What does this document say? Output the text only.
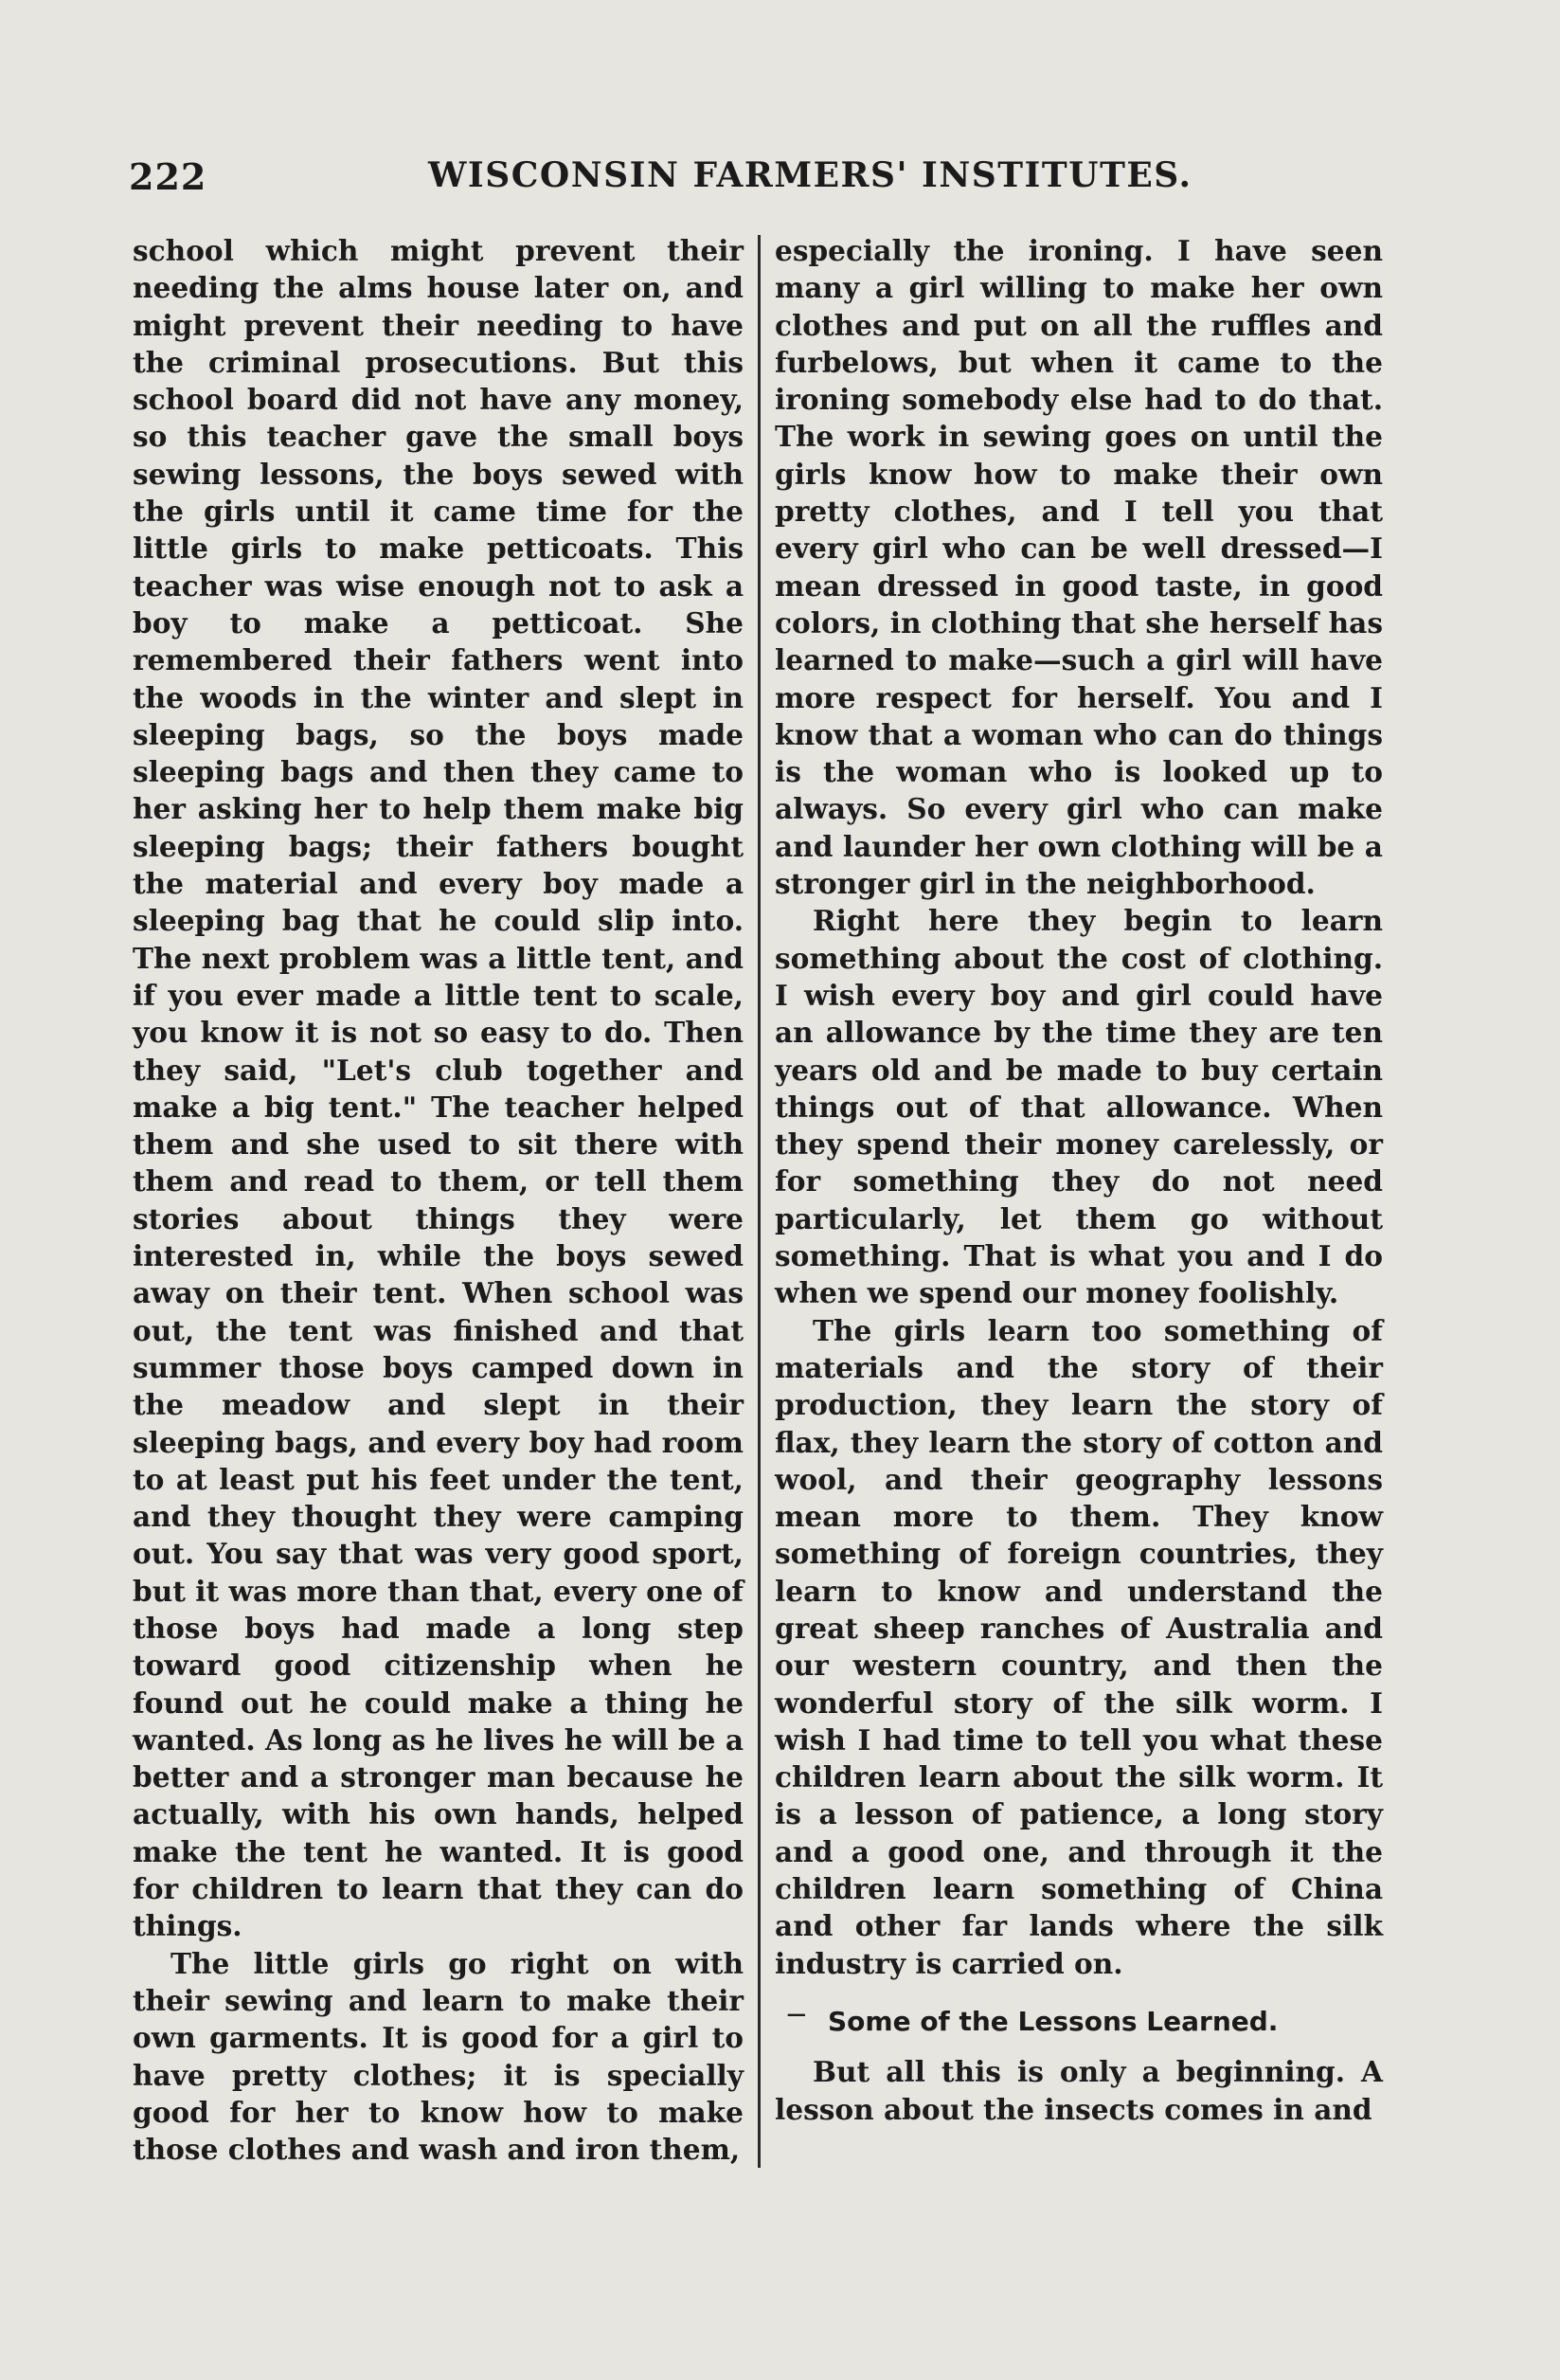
222	WISCONSIN FARMERS' INSTITUTES.

school which might prevent their needing the alms house later on, and might prevent their needing to have the criminal prosecutions. But this school board did not have any money, so this teacher gave the small boys sewing lessons, the boys sewed with the girls until it came time for the little girls to make petticoats. This teacher was wise enough not to ask a boy to make a petticoat. She remembered their fathers went into the woods in the winter and slept in sleeping bags, so the boys made sleeping bags and then they came to her asking her to help them make big sleeping bags; their fathers bought the material and every boy made a sleeping bag that he could slip into. The next problem was a little tent, and if you ever made a little tent to scale, you know it is not so easy to do. Then they said, "Let's club together and make a big tent." The teacher helped them and she used to sit there with them and read to them, or tell them stories about things they were interested in, while the boys sewed away on their tent. When school was out, the tent was finished and that summer those boys camped down in the meadow and slept in their sleeping bags, and every boy had room to at least put his feet under the tent, and they thought they were camping out. You say that was very good sport, but it was more than that, every one of those boys had made a long step toward good citizenship when he found out he could make a thing he wanted. As long as he lives he will be a better and a stronger man because he actually, with his own hands, helped make the tent he wanted. It is good for children to learn that they can do things.

The little girls go right on with their sewing and learn to make their own garments. It is good for a girl to have pretty clothes; it is specially good for her to know how to make those clothes and wash and iron them,

especially the ironing. I have seen many a girl willing to make her own clothes and put on all the ruffles and furbelows, but when it came to the ironing somebody else had to do that. The work in sewing goes on until the girls know how to make their own pretty clothes, and I tell you that every girl who can be well dressed—I mean dressed in good taste, in good colors, in clothing that she herself has learned to make—such a girl will have more respect for herself. You and I know that a woman who can do things is the woman who is looked up to always. So every girl who can make and launder her own clothing will be a stronger girl in the neighborhood.

Right here they begin to learn something about the cost of clothing. I wish every boy and girl could have an allowance by the time they are ten years old and be made to buy certain things out of that allowance. When they spend their money carelessly, or for something they do not need particularly, let them go without something. That is what you and I do when we spend our money foolishly.

The girls learn too something of materials and the story of their production, they learn the story of flax, they learn the story of cotton and wool, and their geography lessons mean more to them. They know something of foreign countries, they learn to know and understand the great sheep ranches of Australia and our western country, and then the wonderful story of the silk worm. I wish I had time to tell you what these children learn about the silk worm. It is a lesson of patience, a long story and a good one, and through it the children learn something of China and other far lands where the silk industry is carried on.

‒ Some of the Lessons Learned.

But all this is only a beginning. A lesson about the insects comes in and
